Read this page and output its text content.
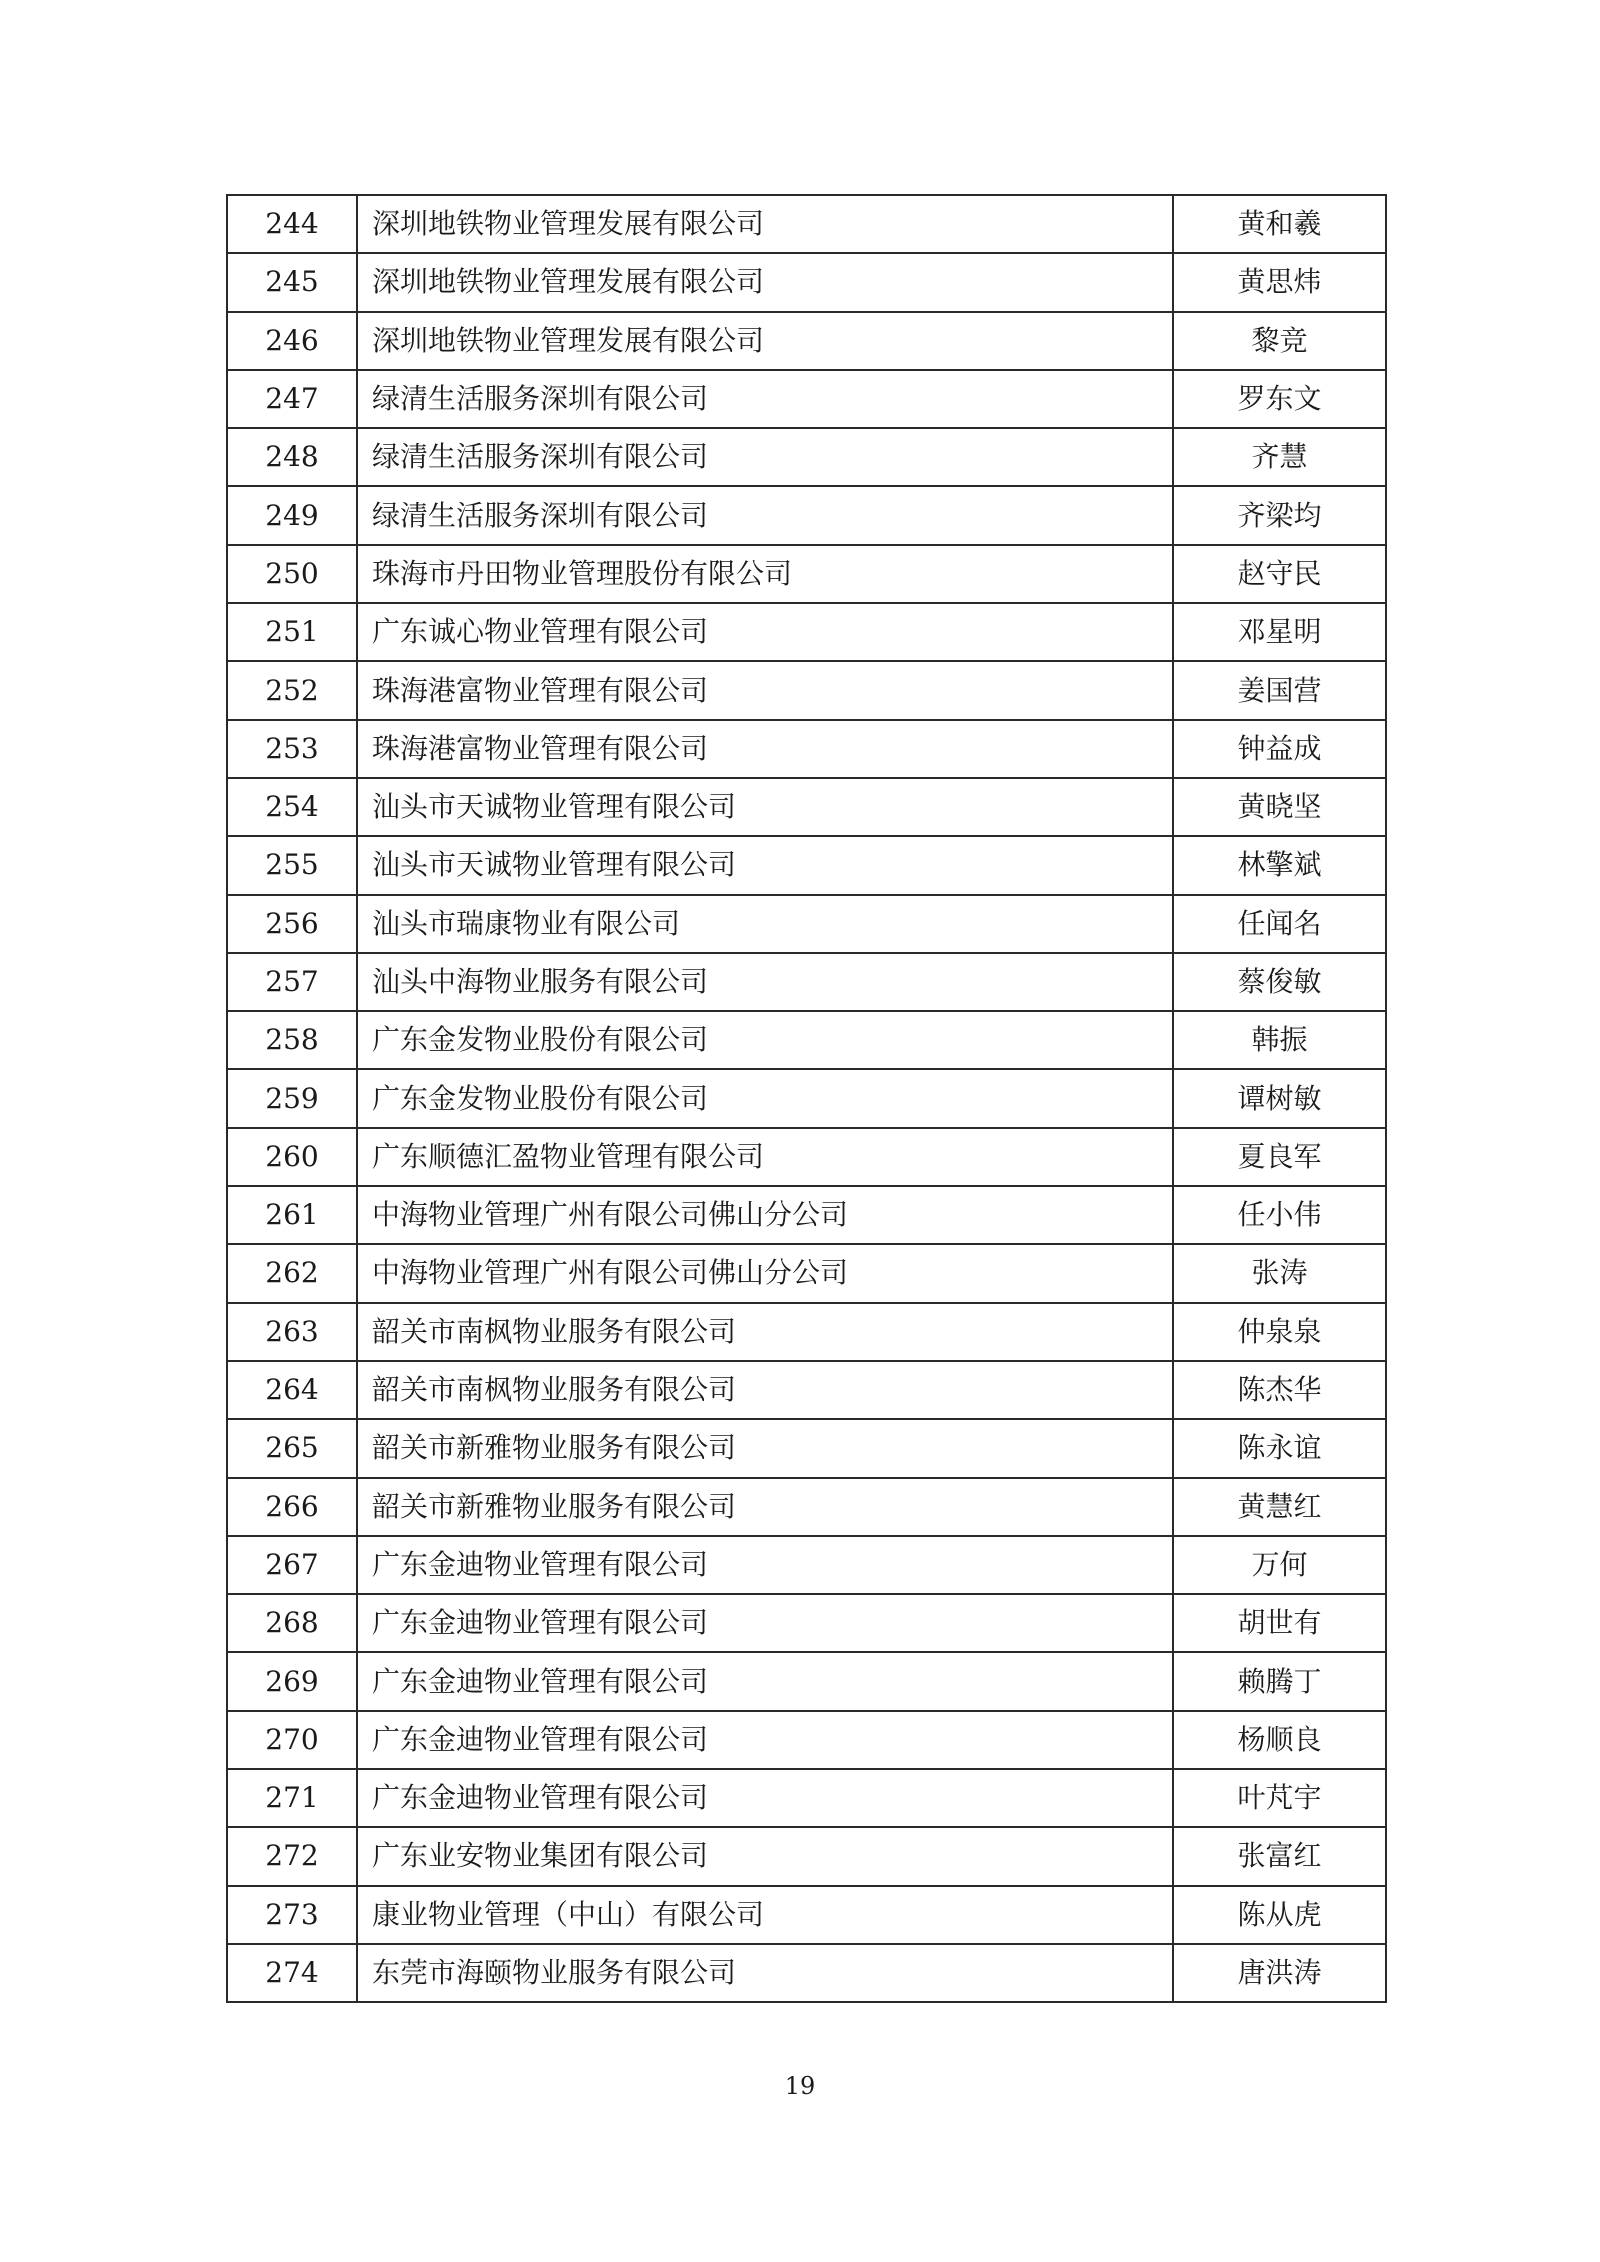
244	深圳地铁物业管理发展有限公司	黄和羲
245	深圳地铁物业管理发展有限公司	黄思炜
246	深圳地铁物业管理发展有限公司	黎竞
247	绿清生活服务深圳有限公司	罗东文
248	绿清生活服务深圳有限公司	齐慧
249	绿清生活服务深圳有限公司	齐梁均
250	珠海市丹田物业管理股份有限公司	赵守民
251	广东诚心物业管理有限公司	邓星明
252	珠海港富物业管理有限公司	姜国营
253	珠海港富物业管理有限公司	钟益成
254	汕头市天诚物业管理有限公司	黄晓坚
255	汕头市天诚物业管理有限公司	林擎斌
256	汕头市瑞康物业有限公司	任闻名
257	汕头中海物业服务有限公司	蔡俊敏
258	广东金发物业股份有限公司	韩振
259	广东金发物业股份有限公司	谭树敏
260	广东顺德汇盈物业管理有限公司	夏良军
261	中海物业管理广州有限公司佛山分公司	任小伟
262	中海物业管理广州有限公司佛山分公司	张涛
263	韶关市南枫物业服务有限公司	仲泉泉
264	韶关市南枫物业服务有限公司	陈杰华
265	韶关市新雅物业服务有限公司	陈永谊
266	韶关市新雅物业服务有限公司	黄慧红
267	广东金迪物业管理有限公司	万何
268	广东金迪物业管理有限公司	胡世有
269	广东金迪物业管理有限公司	赖腾丁
270	广东金迪物业管理有限公司	杨顺良
271	广东金迪物业管理有限公司	叶芃宇
272	广东业安物业集团有限公司	张富红
273	康业物业管理（中山）有限公司	陈从虎
274	东莞市海颐物业服务有限公司	唐洪涛
19
